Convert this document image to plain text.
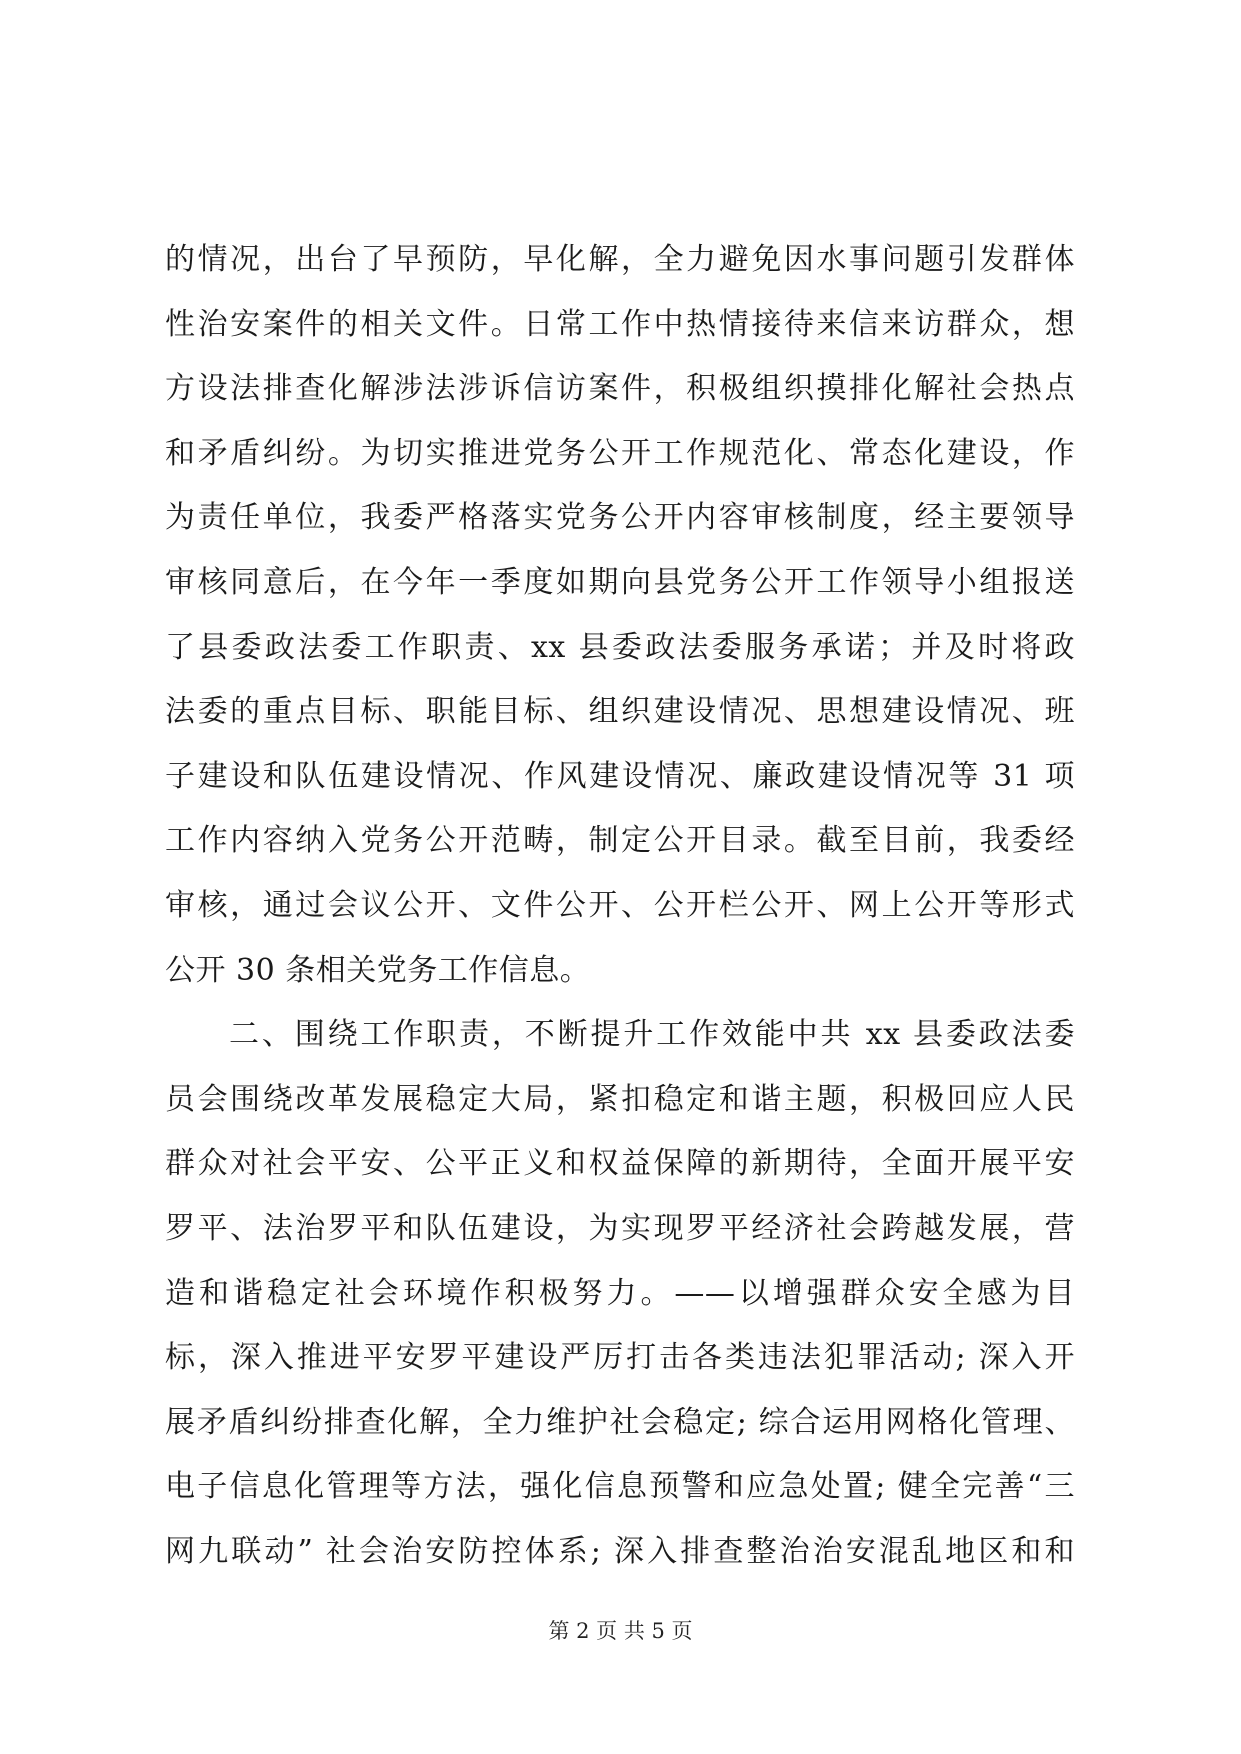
的情况，出台了早预防，早化解，全力避免因水事问题引发群体
性治安案件的相关文件。日常工作中热情接待来信来访群众，想
方设法排查化解涉法涉诉信访案件，积极组织摸排化解社会热点
和矛盾纠纷。为切实推进党务公开工作规范化、常态化建设，作
为责任单位，我委严格落实党务公开内容审核制度，经主要领导
审核同意后，在今年一季度如期向县党务公开工作领导小组报送
了县委政法委工作职责、xx 县委政法委服务承诺；并及时将政
法委的重点目标、职能目标、组织建设情况、思想建设情况、班
子建设和队伍建设情况、作风建设情况、廉政建设情况等 31 项
工作内容纳入党务公开范畴，制定公开目录。截至目前，我委经
审核，通过会议公开、文件公开、公开栏公开、网上公开等形式
公开 30 条相关党务工作信息。
二、围绕工作职责，不断提升工作效能中共 xx 县委政法委
员会围绕改革发展稳定大局，紧扣稳定和谐主题，积极回应人民
群众对社会平安、公平正义和权益保障的新期待，全面开展平安
罗平、法治罗平和队伍建设，为实现罗平经济社会跨越发展，营
造和谐稳定社会环境作积极努力。——以增强群众安全感为目
标，深入推进平安罗平建设严厉打击各类违法犯罪活动; 深入开
展矛盾纠纷排查化解，全力维护社会稳定; 综合运用网格化管理、
电子信息化管理等方法，强化信息预警和应急处置; 健全完善“三
网九联动” 社会治安防控体系; 深入排查整治治安混乱地区和和
第 2 页 共 5 页
